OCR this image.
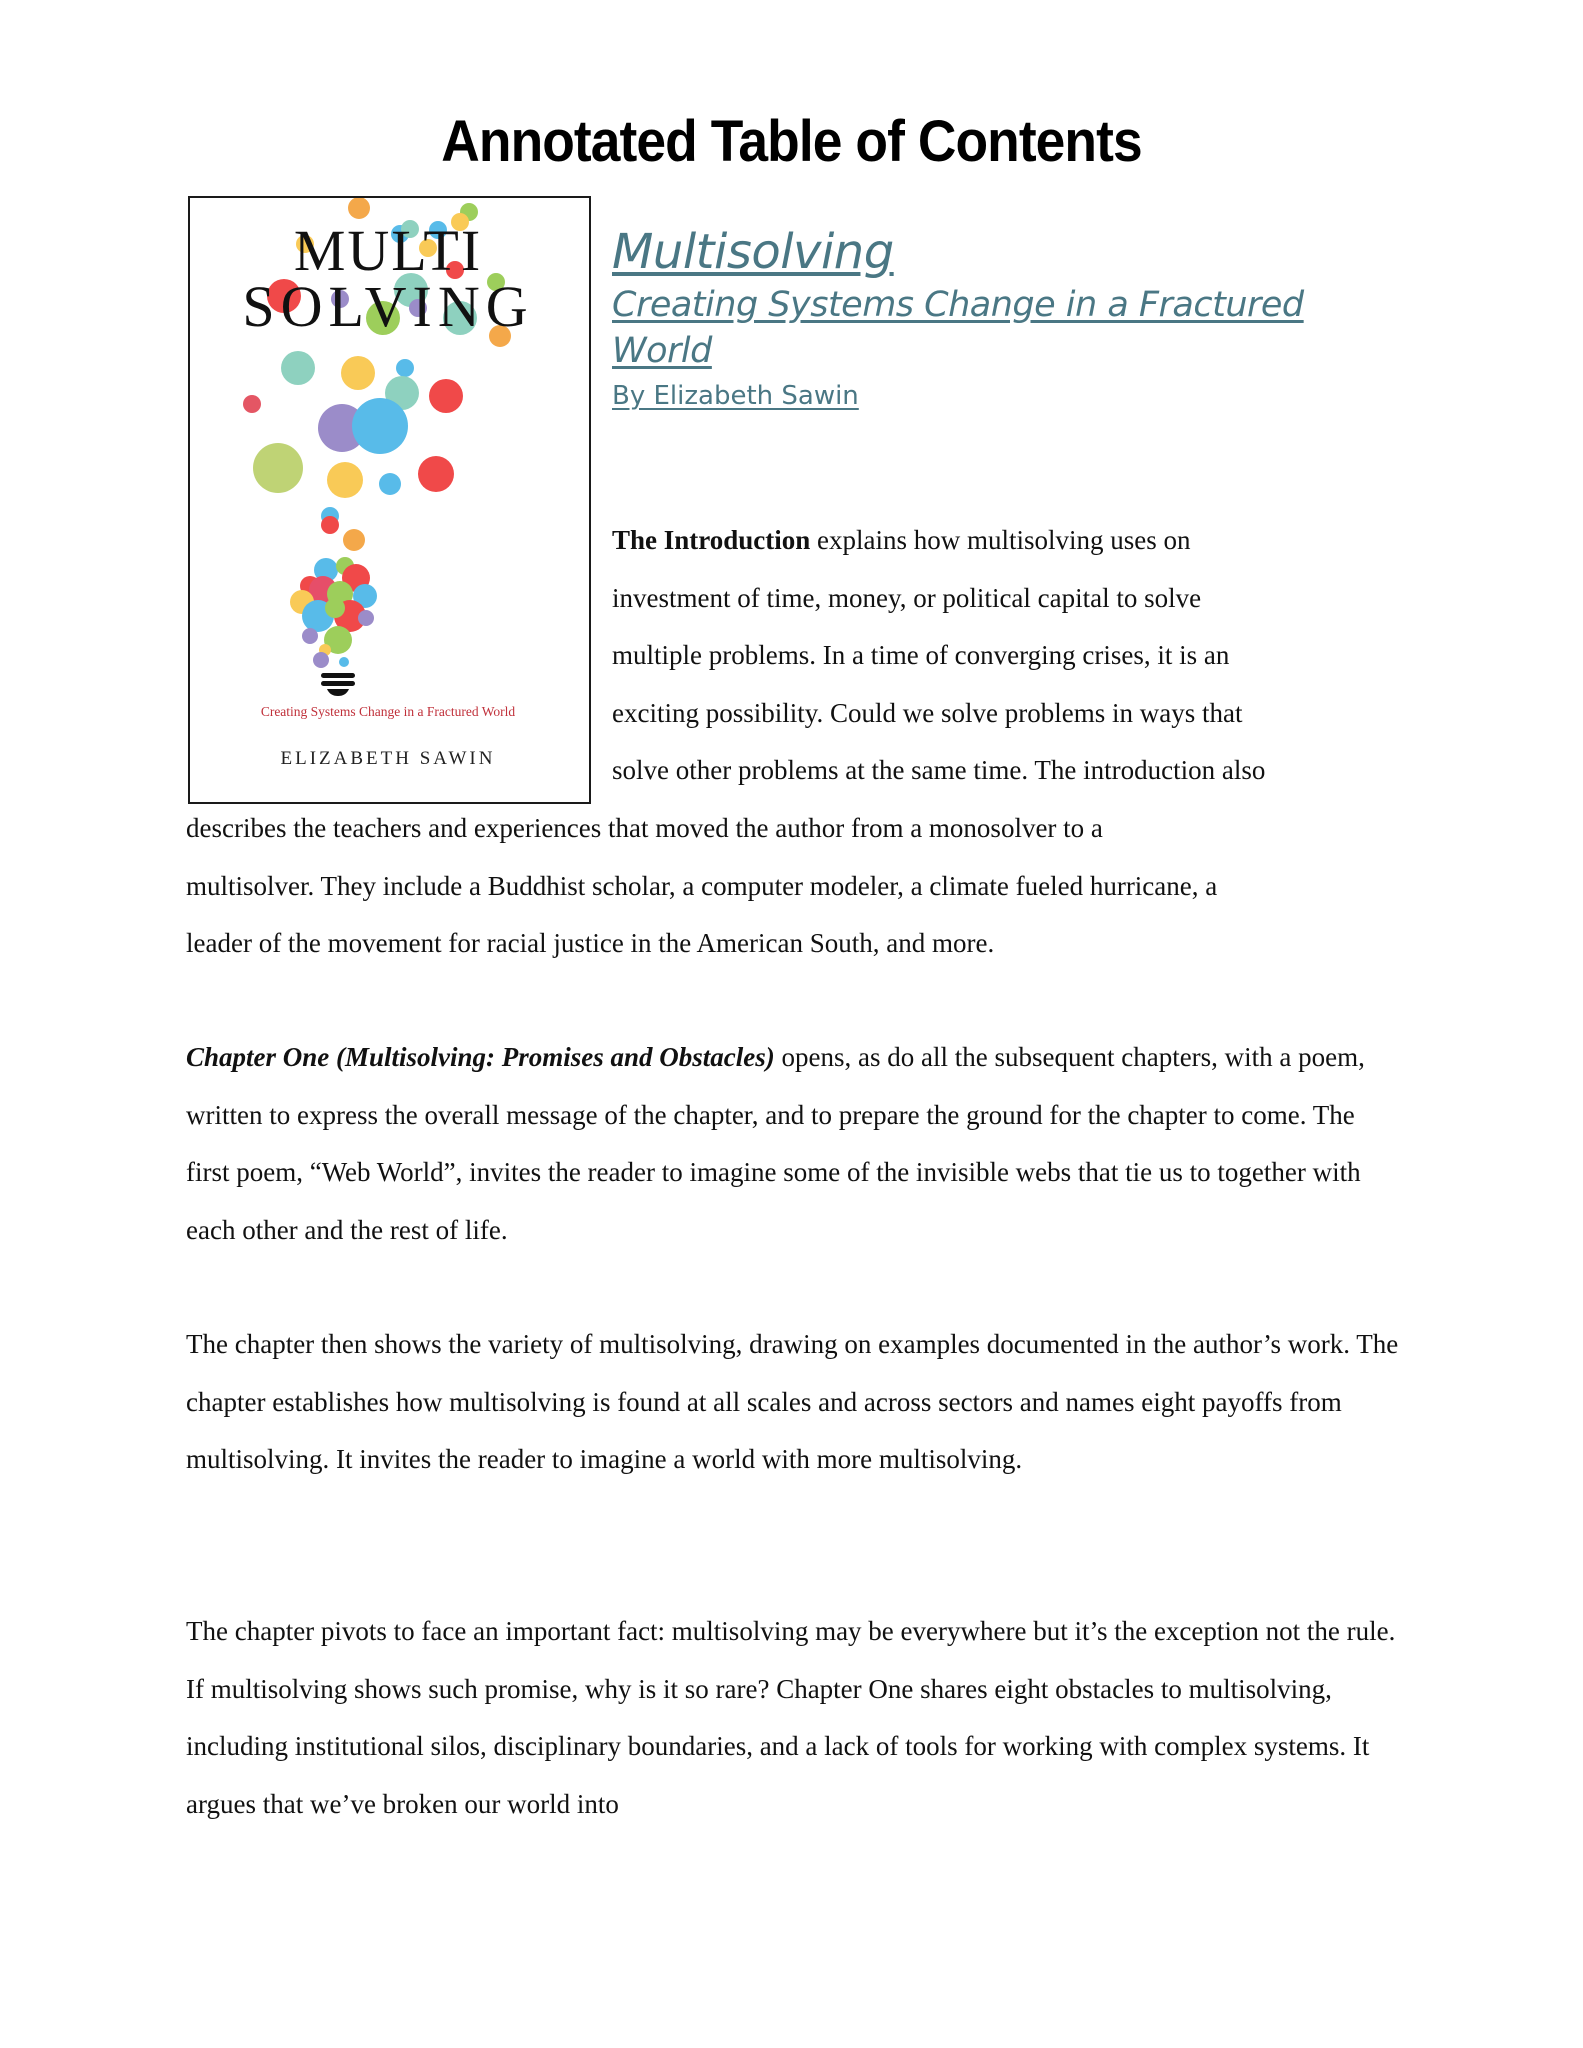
Annotated Table of Contents
MULTI
SOLVING
Creating Systems Change in a Fractured World
ELIZABETH SAWIN
Multisolving
Creating Systems Change in a Fractured World
By Elizabeth Sawin
The Introduction explains how multisolving uses on
investment of time, money, or political capital to solve
multiple problems. In a time of converging crises, it is an
exciting possibility. Could we solve problems in ways that
solve other problems at the same time. The introduction also
describes the teachers and experiences that moved the author from a monosolver to a
multisolver. They include a Buddhist scholar, a computer modeler, a climate fueled hurricane, a
leader of the movement for racial justice in the American South, and more.
Chapter One (Multisolving: Promises and Obstacles) opens, as do all the subsequent chapters, with a poem, written to express the overall message of the chapter, and to prepare the ground for the chapter to come. The first poem, “Web World”, invites the reader to imagine some of the invisible webs that tie us to together with each other and the rest of life.
The chapter then shows the variety of multisolving, drawing on examples documented in the author’s work. The chapter establishes how multisolving is found at all scales and across sectors and names eight payoffs from multisolving. It invites the reader to imagine a world with more multisolving.
The chapter pivots to face an important fact: multisolving may be everywhere but it’s the exception not the rule. If multisolving shows such promise, why is it so rare? Chapter One shares eight obstacles to multisolving, including institutional silos, disciplinary boundaries, and a lack of tools for working with complex systems. It argues that we’ve broken our world into
